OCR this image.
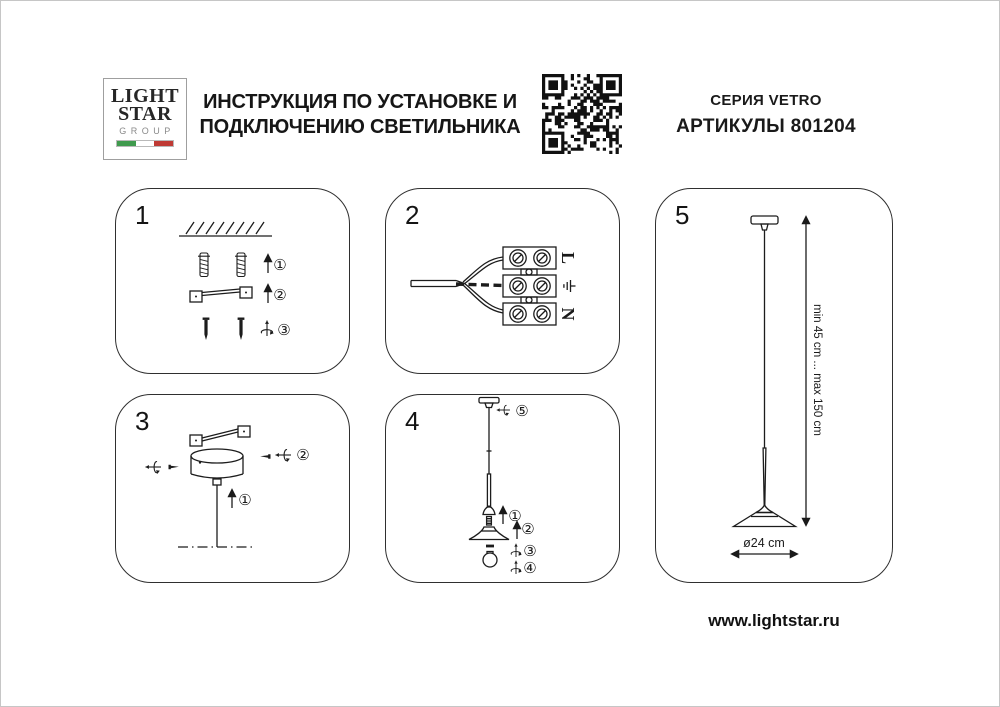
LIGHT
STAR
GROUP
ИНСТРУКЦИЯ ПО УСТАНОВКЕ И
ПОДКЛЮЧЕНИЮ СВЕТИЛЬНИКА
СЕРИЯ VETRO
АРТИКУЛЫ 801204
1
①
②
③
2
L
N
3
①
②
4	⑤
①
②
③
④
5
min 45 cm ... max 150 cm
ø24 cm
www.lightstar.ru
